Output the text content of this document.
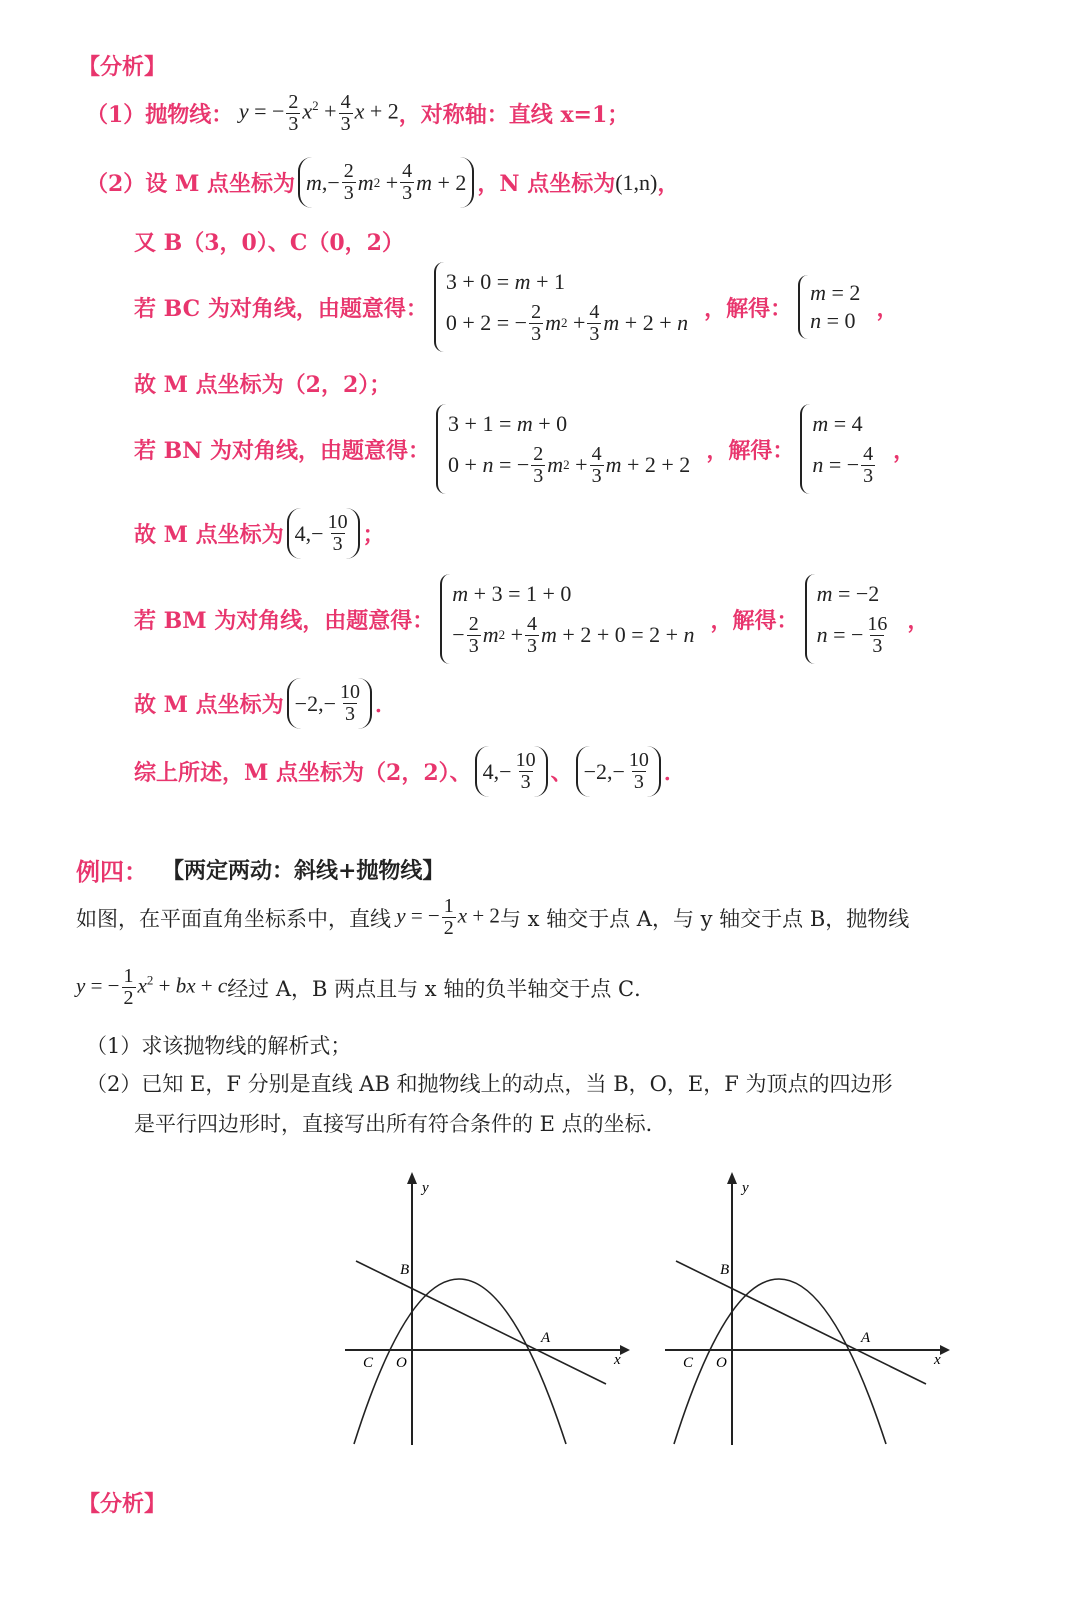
【分析】
（1）抛物线： y = − $\frac{2}{3} x^2 + \frac{4}{3}$ x + 2 ，对称轴：直线 x=1；
（2）设 M 点坐标为 m ,− $\frac{2}{3}$ m $2 + \frac{4}{3}$ m + 2 ，N 点坐标为 (1,n) ，
又 B（3，0）、C（0，2）
若 BC 为对角线，由题意得：
3 + 0 = m + 1
0 + 2 = − $\frac{2}{3}$ m $2 + \frac{4}{3}$ m + 2 + n
，解得：
m = 2
n = 0 ，
故 M 点坐标为（2，2）；
若 BN 为对角线，由题意得：
3 + 1 = m + 0
0 + n = − $\frac{2}{3}$ m $2 + \frac{4}{3}$ m + 2 + 2
，解得：
m = 4
n = − $\frac{4}{3}$ ，
故 M 点坐标为 $4,- \frac{10}{3}$ ；
若 BM 为对角线，由题意得：
m + 3 = 1 + 0
− $\frac{2}{3}$ m $2 + \frac{4}{3}$ m + 2 + 0 = 2 + n
，解得：
m = −2
n = − $\frac{16}{3}$ ，
故 M 点坐标为 $-2,- \frac{10}{3}$ ．
综上所述，M 点坐标为（2，2）、 $4,- \frac{10}{3}$ 、 $-2,- \frac{10}{3}$ ．
例四： 【两定两动：斜线+抛物线】
如图，在平面直角坐标系中，直线 y = − $\frac{1}{2}$ x + 2 与 x 轴交于点 A，与 y 轴交于点 B，抛物线
y = − $\frac{1}{2} x^2$ + bx + c 经过 A，B 两点且与 x 轴的负半轴交于点 C．
（1）求该抛物线的解析式；
（2）已知 E，F 分别是直线 AB 和抛物线上的动点，当 B，O，E，F 为顶点的四边形
是平行四边形时，直接写出所有符合条件的 E 点的坐标．
y
x
B
A
C O
y
x
B
A
C O
【分析】
